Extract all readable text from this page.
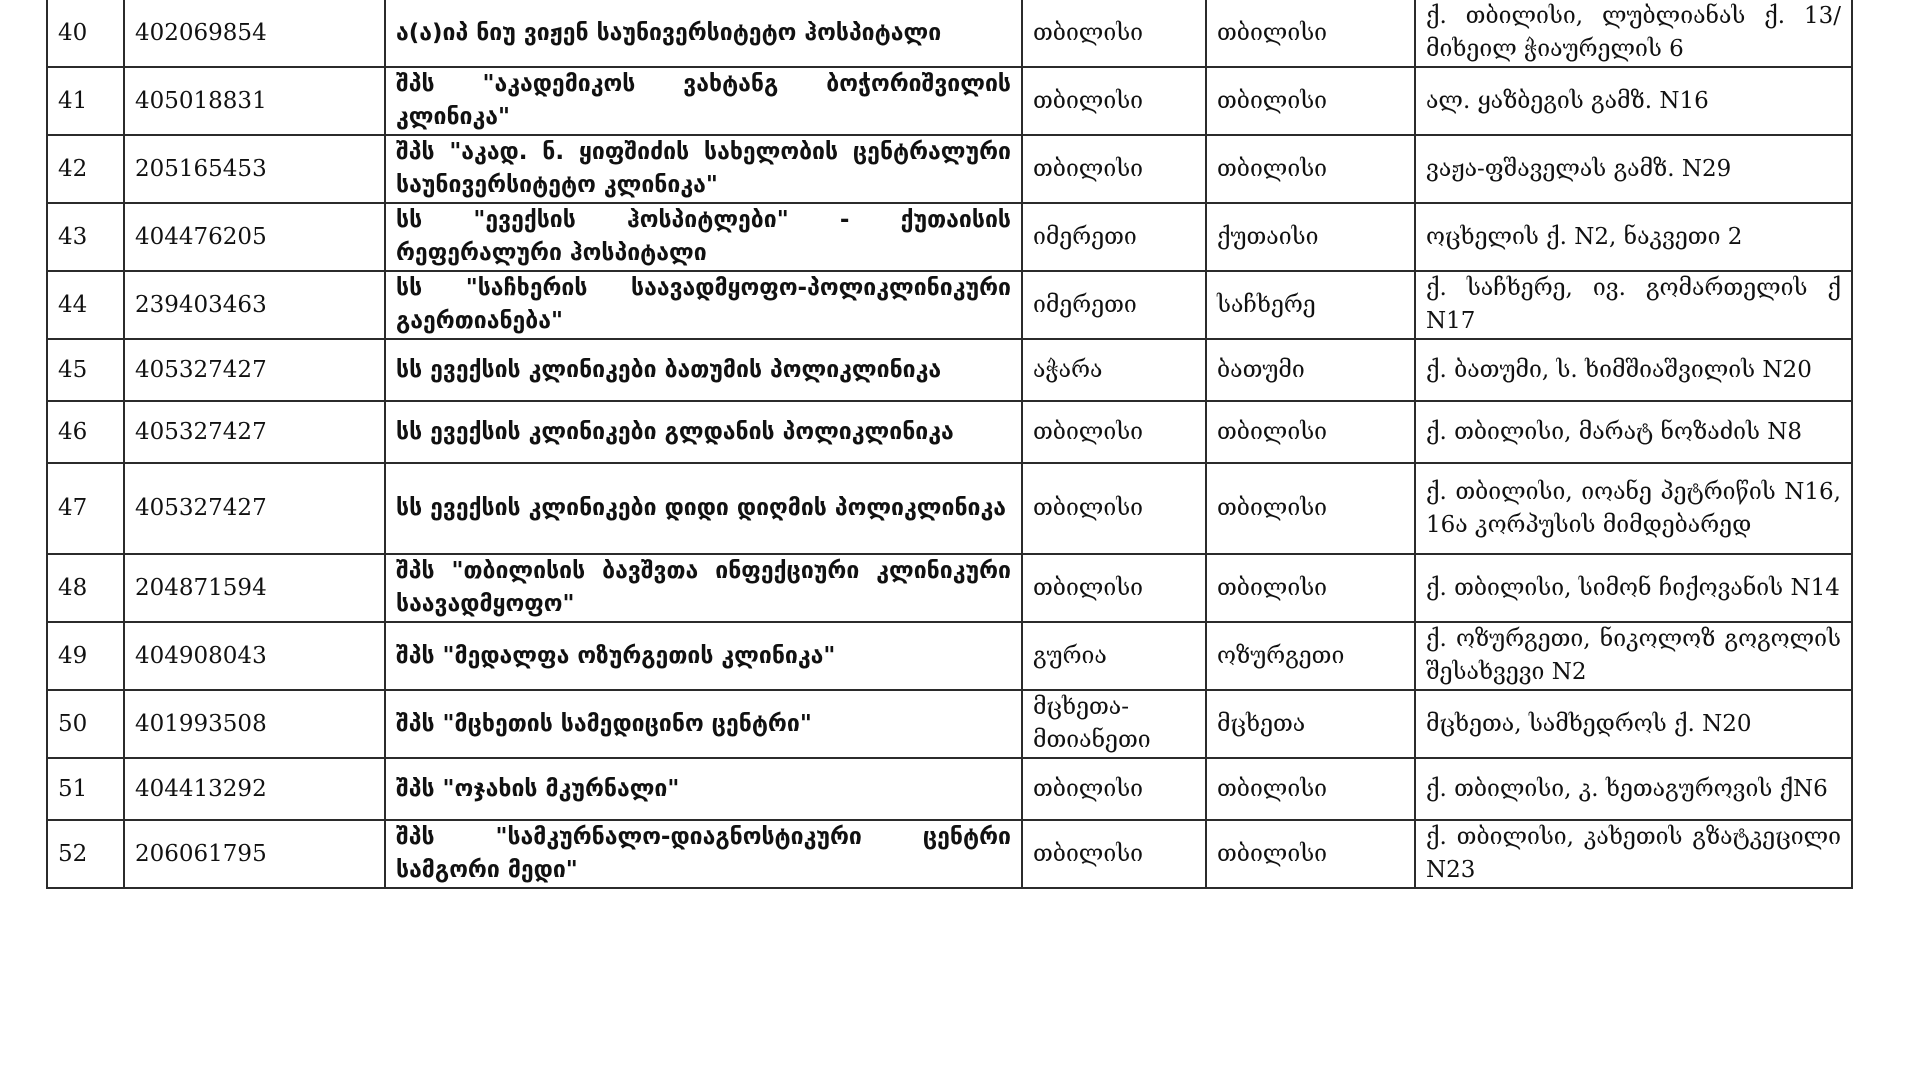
40	402069854	ა(ა)იპ ნიუ ვიჟენ საუნივერსიტეტო ჰოსპიტალი	თბილისი	თბილისი	ქ. თბილისი, ლუბლიანას ქ. 13/მიხეილ ჭიაურელის 6
41	405018831	შპს "აკადემიკოს ვახტანგ ბოჭორიშვილის კლინიკა"	თბილისი	თბილისი	ალ. ყაზბეგის გამზ. N16
42	205165453	შპს "აკად. ნ. ყიფშიძის სახელობის ცენტრალური საუნივერსიტეტო კლინიკა"	თბილისი	თბილისი	ვაჟა-ფშაველას გამზ. N29
43	404476205	სს "ევექსის ჰოსპიტლები" - ქუთაისის რეფერალური ჰოსპიტალი	იმერეთი	ქუთაისი	ოცხელის ქ. N2, ნაკვეთი 2
44	239403463	სს "საჩხერის საავადმყოფო-პოლიკლინიკური გაერთიანება"	იმერეთი	საჩხერე	ქ. საჩხერე, ივ. გომართელის ქ N17
45	405327427	სს ევექსის კლინიკები ბათუმის პოლიკლინიკა	აჭარა	ბათუმი	ქ. ბათუმი, ს. ხიმშიაშვილის N20
46	405327427	სს ევექსის კლინიკები გლდანის პოლიკლინიკა	თბილისი	თბილისი	ქ. თბილისი, მარატ ნოზაძის N8
47	405327427	სს ევექსის კლინიკები დიდი დიღმის პოლიკლინიკა	თბილისი	თბილისი	ქ. თბილისი, იოანე პეტრიწის N16, 16ა კორპუსის მიმდებარედ
48	204871594	შპს "თბილისის ბავშვთა ინფექციური კლინიკური საავადმყოფო"	თბილისი	თბილისი	ქ. თბილისი, სიმონ ჩიქოვანის N14
49	404908043	შპს "მედალფა ოზურგეთის კლინიკა"	გურია	ოზურგეთი	ქ. ოზურგეთი, ნიკოლოზ გოგოლის შესახვევი N2
50	401993508	შპს "მცხეთის სამედიცინო ცენტრი"	მცხეთა-მთიანეთი	მცხეთა	მცხეთა, სამხედროს ქ. N20
51	404413292	შპს "ოჯახის მკურნალი"	თბილისი	თბილისი	ქ. თბილისი, კ. ხეთაგუროვის ქN6
52	206061795	შპს "სამკურნალო-დიაგნოსტიკური ცენტრი სამგორი მედი"	თბილისი	თბილისი	ქ. თბილისი, კახეთის გზატკეცილი N23
